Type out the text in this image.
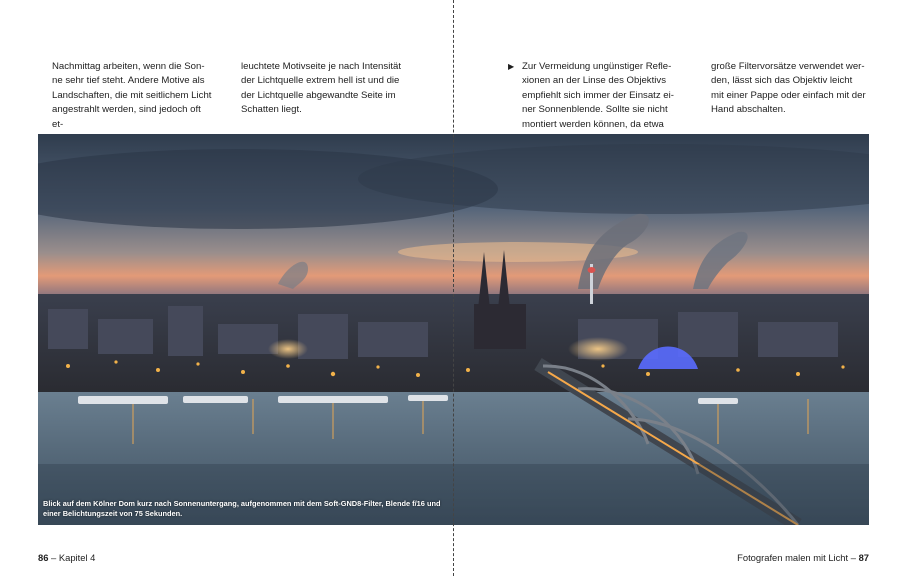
Nachmittag arbeiten, wenn die Son-
ne sehr tief steht. Andere Motive als
Landschaften, die mit seitlichem Licht
angestrahlt werden, sind jedoch oft et-

leuchtete Motivseite je nach Intensität
der Lichtquelle extrem hell ist und die
der Lichtquelle abgewandte Seite im
Schatten liegt.

▶ Zur Vermeidung ungünstiger Refle-
xionen an der Linse des Objektivs
empfiehlt sich immer der Einsatz ei-
ner Sonnenblende. Sollte sie nicht
montiert werden können, da etwa

große Filtervorsätze verwendet wer-
den, lässt sich das Objektiv leicht
mit einer Pappe oder einfach mit der
Hand abschalten.

Blick auf dem Kölner Dom kurz nach Sonnenuntergang, aufgenommen mit dem Soft-GND8-Filter, Blende f/16 und
einer Belichtungszeit von 75 Sekunden.
86 – Kapitel 4	Fotografen malen mit Licht – 87
